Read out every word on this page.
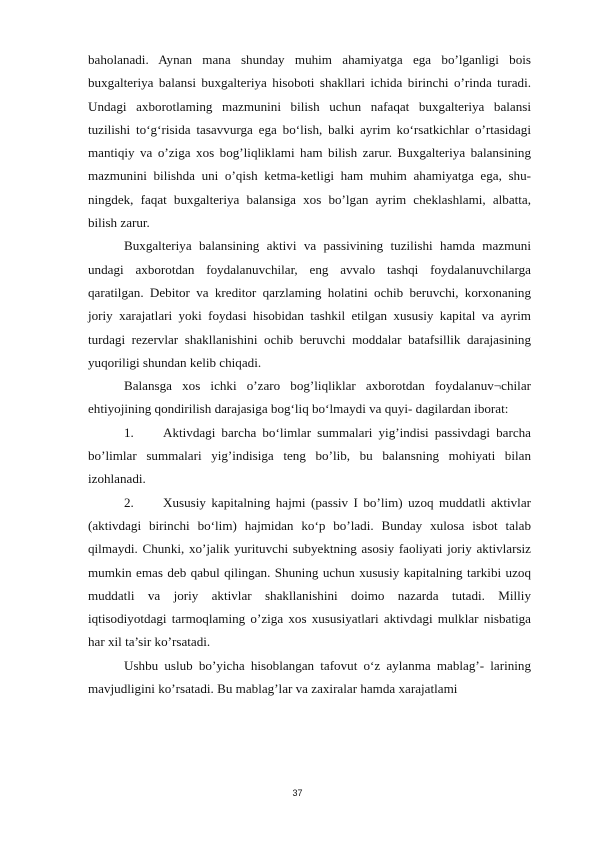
baholanadi. Aynan mana shunday muhim ahamiyatga ega bo’lganligi bois buxgalteriya balansi buxgalteriya hisoboti shakllari ichida birinchi o’rinda turadi. Undagi axborotlaming mazmunini bilish uchun nafaqat buxgalteriya balansi tuzilishi to‘g‘risida tasavvurga ega bo‘lish, balki ayrim ko‘rsatkichlar o’rtasidagi mantiqiy va o’ziga xos bog’liqliklami ham bilish zarur. Buxgalteriya balansining mazmunini bilishda uni o’qish ketma-ketligi ham muhim ahamiyatga ega, shu-ningdek, faqat buxgalteriya balansiga xos bo’lgan ayrim cheklashlami, albatta, bilish zarur.

Buxgalteriya balansining aktivi va passivining tuzilishi hamda mazmuni undagi axborotdan foydalanuvchilar, eng avvalo tashqi foydalanuvchilarga qaratilgan. Debitor va kreditor qarzlaming holatini ochib beruvchi, korxonaning joriy xarajatlari yoki foydasi hisobidan tashkil etilgan xususiy kapital va ayrim turdagi rezervlar shakllanishini ochib beruvchi moddalar batafsillik darajasining yuqoriligi shundan kelib chiqadi.

Balansga xos ichki o’zaro bog’liqliklar axborotdan foydalanuv¬chilar ehtiyojining qondirilish darajasiga bog‘liq bo‘lmaydi va quyi- dagilardan iborat:

1. Aktivdagi barcha bo‘limlar summalari yig’indisi passivdagi barcha bo’limlar summalari yig’indisiga teng bo’lib, bu balansning mohiyati bilan izohlanadi.

2. Xususiy kapitalning hajmi (passiv I bo’lim) uzoq muddatli aktivlar (aktivdagi birinchi bo‘lim) hajmidan ko‘p bo’ladi. Bunday xulosa isbot talab qilmaydi. Chunki, xo’jalik yurituvchi subyektning asosiy faoliyati joriy aktivlarsiz mumkin emas deb qabul qilingan. Shuning uchun xususiy kapitalning tarkibi uzoq muddatli va joriy aktivlar shakllanishini doimo nazarda tutadi. Milliy iqtisodiyotdagi tarmoqlaming o’ziga xos xususiyatlari aktivdagi mulklar nisbatiga har xil ta’sir ko’rsatadi.

Ushbu uslub bo’yicha hisoblangan tafovut o‘z aylanma mablag’- larining mavjudligini ko’rsatadi. Bu mablag’lar va zaxiralar hamda xarajatlami

37
